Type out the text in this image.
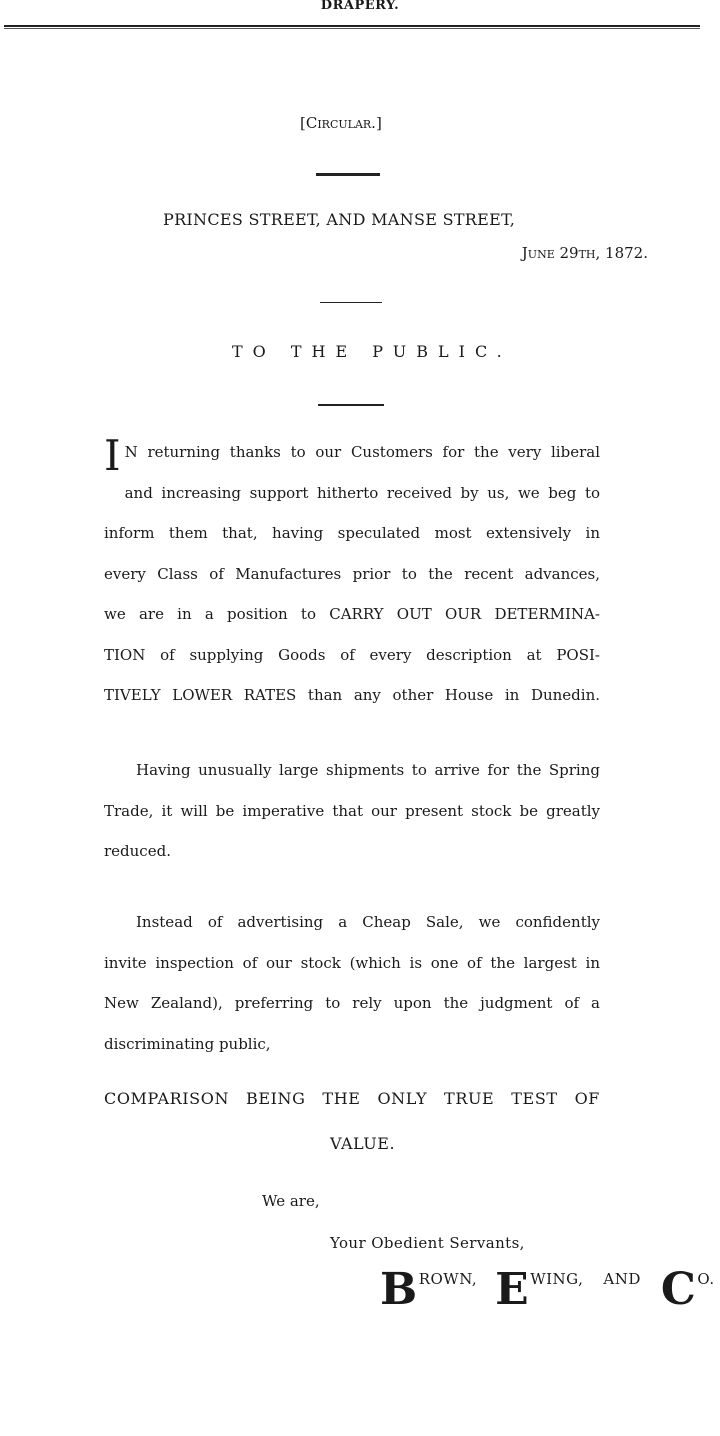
DRAPERY.
[Circular.]
PRINCES STREET, AND MANSE STREET,
June 29th, 1872.
TO THE PUBLIC.
I N returning thanks to our Customers for the very liberal
and increasing support hitherto received by us, we beg to
inform them that, having speculated most extensively in
every Class of Manufactures prior to the recent advances,
we are in a position to CARRY OUT OUR DETERMINA-
TION of supplying Goods of every description at POSI-
TIVELY LOWER RATES than any other House in Dunedin.
Having unusually large shipments to arrive for the Spring
Trade, it will be imperative that our present stock be greatly
reduced.
Instead of advertising a Cheap Sale, we confidently
invite inspection of our stock (which is one of the largest in
New Zealand), preferring to rely upon the judgment of a
discriminating public,
COMPARISON BEING THE ONLY TRUE TEST OF
VALUE.
We are,
Your Obedient Servants,
BROWN, EWING, AND CO.
